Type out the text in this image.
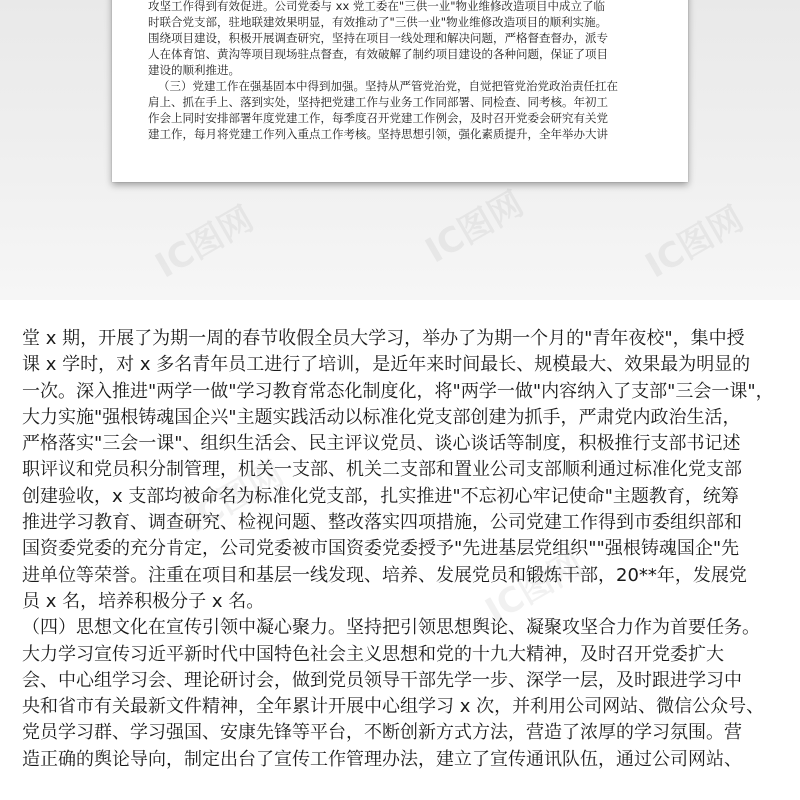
攻坚工作得到有效促进。公司党委与 xx 党工委在"三供一业"物业维修改造项目中成立了临
时联合党支部，驻地联建效果明显，有效推动了"三供一业"物业维修改造项目的顺利实施。
围绕项目建设，积极开展调查研究，坚持在项目一线处理和解决问题，严格督查督办，派专
人在体育馆、黄沟等项目现场驻点督查，有效破解了制约项目建设的各种问题，保证了项目
建设的顺利推进。
（三）党建工作在强基固本中得到加强。坚持从严管党治党，自觉把管党治党政治责任扛在
肩上、抓在手上、落到实处，坚持把党建工作与业务工作同部署、同检查、同考核。年初工
作会上同时安排部署年度党建工作，每季度召开党建工作例会，及时召开党委会研究有关党
建工作，每月将党建工作列入重点工作考核。坚持思想引领，强化素质提升，全年举办大讲
IC图网	IC图网	IC图网
IC图网
IC图网
堂 x 期，开展了为期一周的春节收假全员大学习，举办了为期一个月的"青年夜校"，集中授
课 x 学时，对 x 多名青年员工进行了培训，是近年来时间最长、规模最大、效果最为明显的
一次。深入推进"两学一做"学习教育常态化制度化，将"两学一做"内容纳入了支部"三会一课"，
大力实施"强根铸魂国企兴"主题实践活动以标准化党支部创建为抓手，严肃党内政治生活，
严格落实"三会一课"、组织生活会、民主评议党员、谈心谈话等制度，积极推行支部书记述
职评议和党员积分制管理，机关一支部、机关二支部和置业公司支部顺利通过标准化党支部
创建验收，x 支部均被命名为标准化党支部，扎实推进"不忘初心牢记使命"主题教育，统筹
推进学习教育、调查研究、检视问题、整改落实四项措施，公司党建工作得到市委组织部和
国资委党委的充分肯定，公司党委被市国资委党委授予"先进基层党组织""强根铸魂国企"先
进单位等荣誉。注重在项目和基层一线发现、培养、发展党员和锻炼干部，20**年，发展党
员 x 名，培养积极分子 x 名。
（四）思想文化在宣传引领中凝心聚力。坚持把引领思想舆论、凝聚攻坚合力作为首要任务。
大力学习宣传习近平新时代中国特色社会主义思想和党的十九大精神，及时召开党委扩大
会、中心组学习会、理论研讨会，做到党员领导干部先学一步、深学一层，及时跟进学习中
央和省市有关最新文件精神，全年累计开展中心组学习 x 次，并利用公司网站、微信公众号、
党员学习群、学习强国、安康先锋等平台，不断创新方式方法，营造了浓厚的学习氛围。营
造正确的舆论导向，制定出台了宣传工作管理办法，建立了宣传通讯队伍，通过公司网站、
